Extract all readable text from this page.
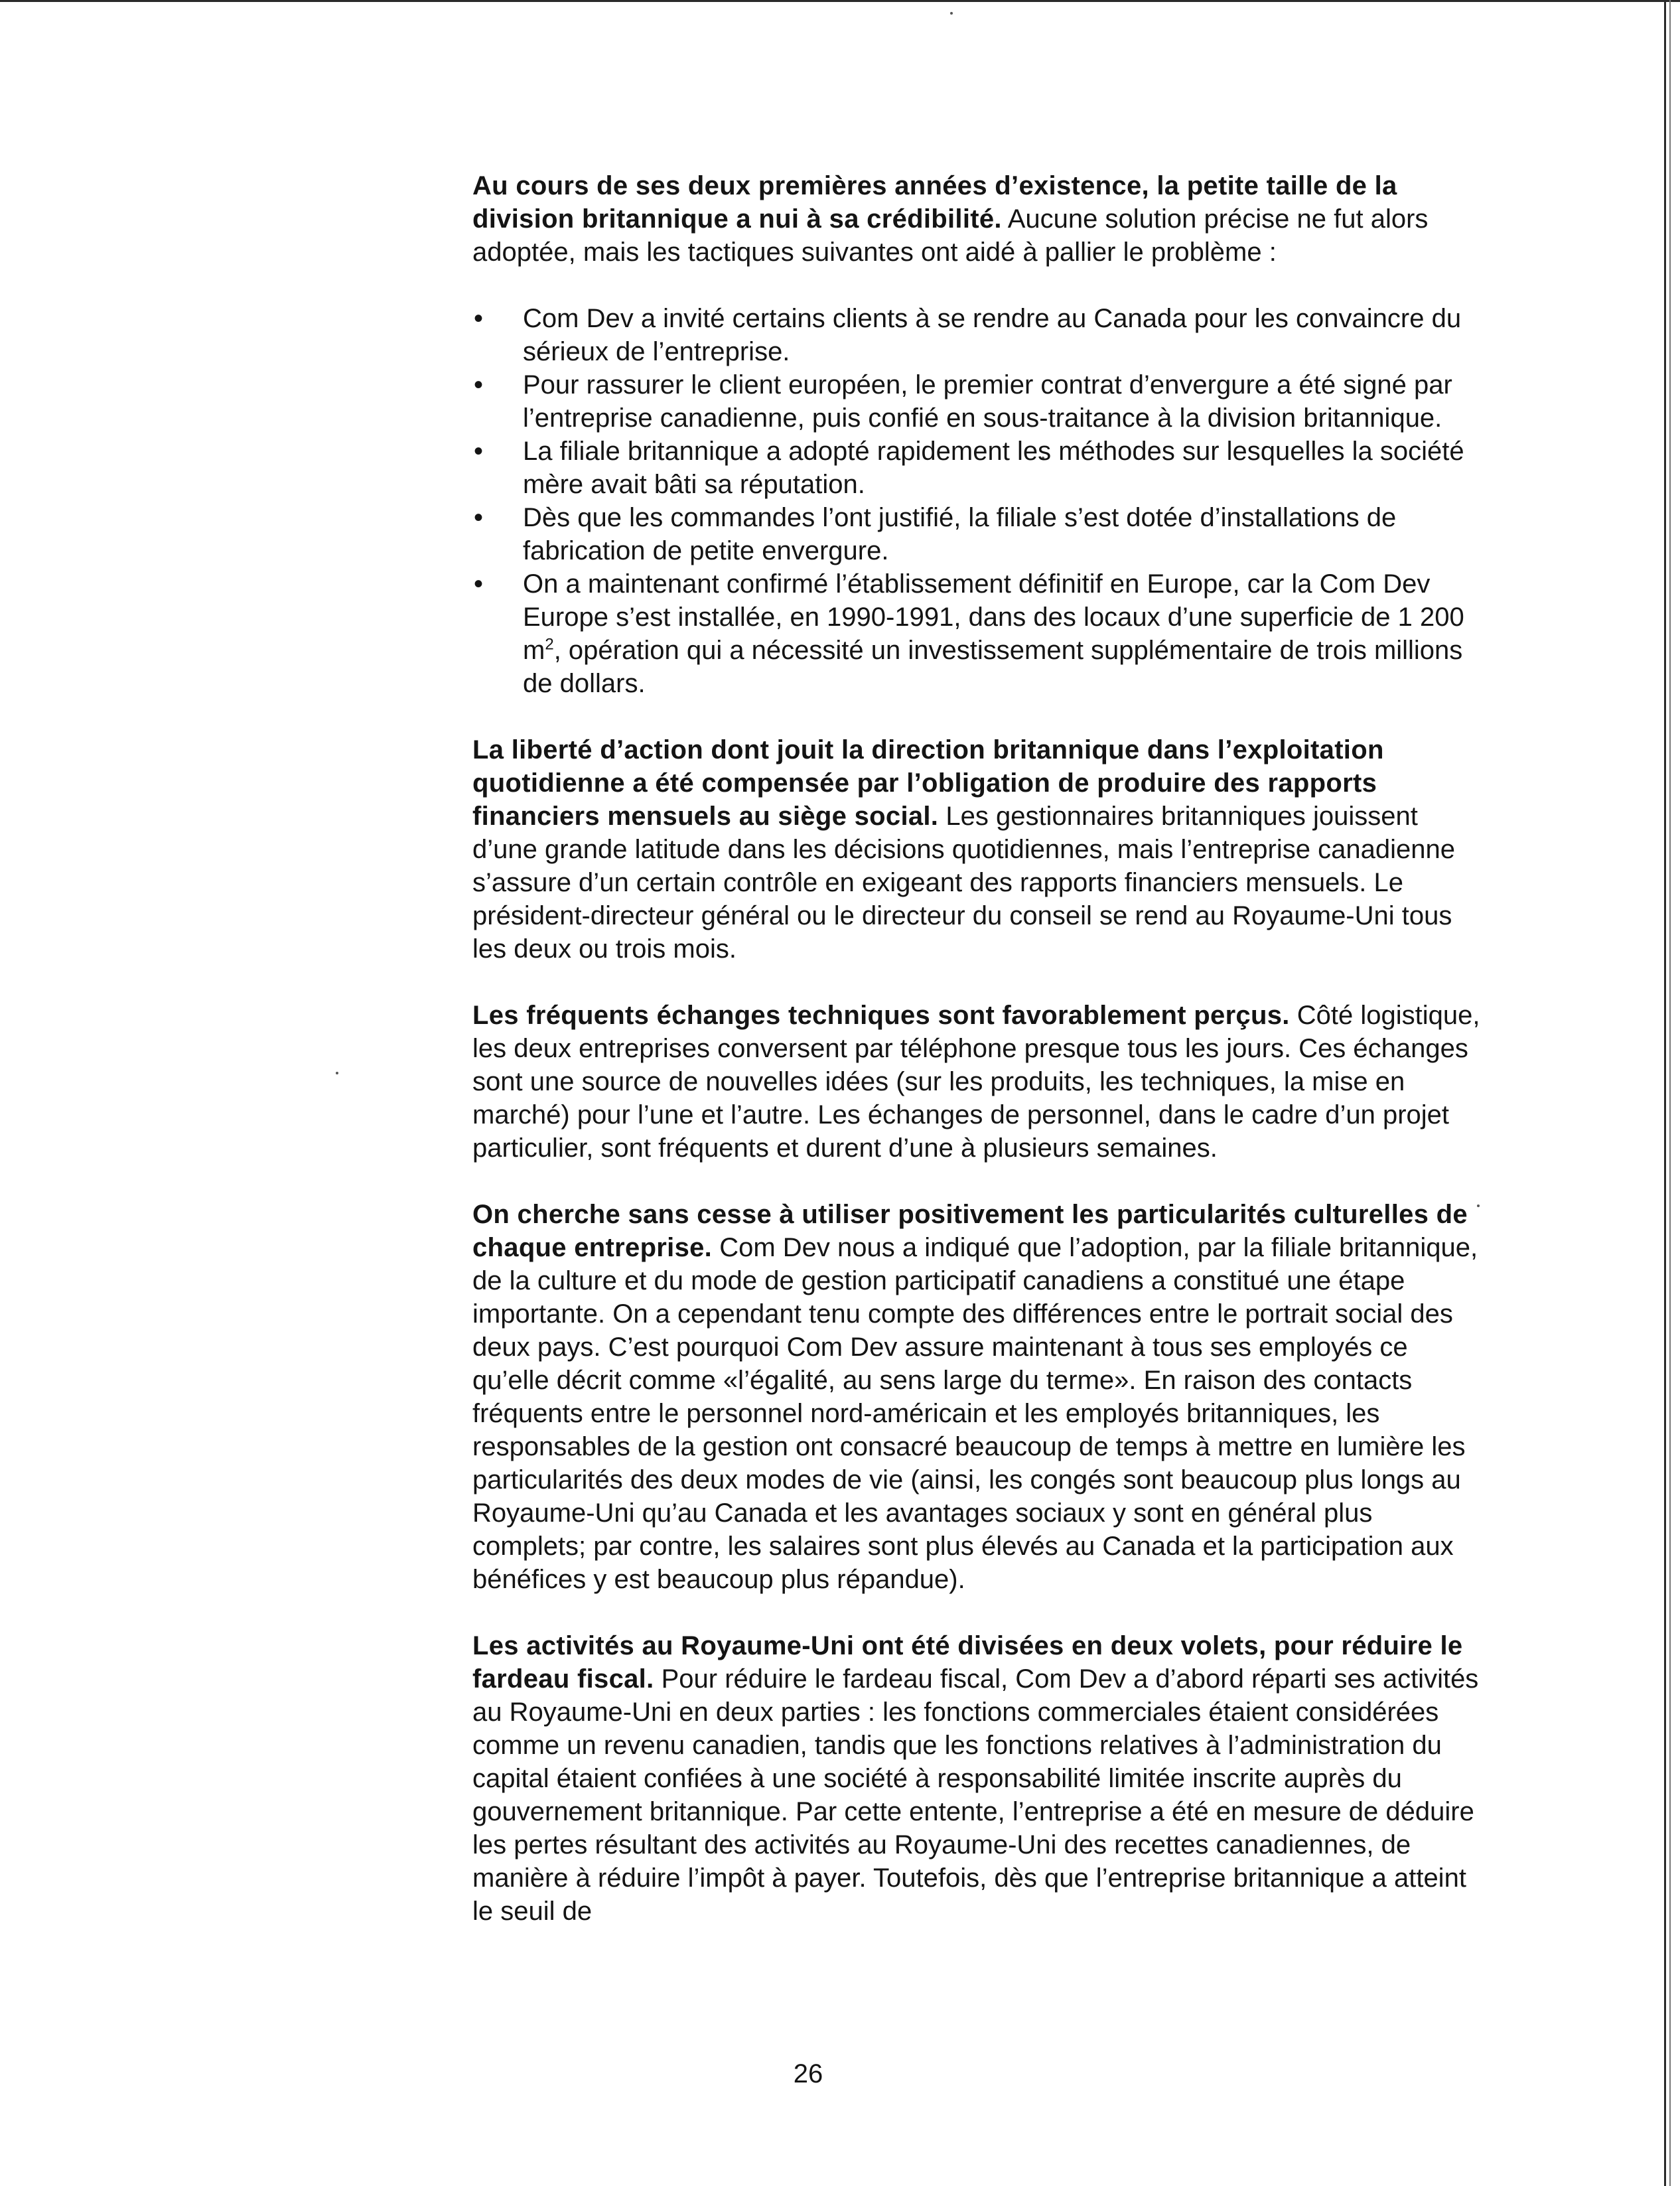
Au cours de ses deux premières années d’existence, la petite taille de la division britannique a nui à sa crédibilité. Aucune solution précise ne fut alors adoptée, mais les tactiques suivantes ont aidé à pallier le problème :

• Com Dev a invité certains clients à se rendre au Canada pour les convaincre du sérieux de l’entreprise.
• Pour rassurer le client européen, le premier contrat d’envergure a été signé par l’entreprise canadienne, puis confié en sous-traitance à la division britannique.
• La filiale britannique a adopté rapidement les méthodes sur lesquelles la société mère avait bâti sa réputation.
• Dès que les commandes l’ont justifié, la filiale s’est dotée d’installations de fabrication de petite envergure.
• On a maintenant confirmé l’établissement définitif en Europe, car la Com Dev Europe s’est installée, en 1990-1991, dans des locaux d’une superficie de 1 200 $m^2$, opération qui a nécessité un investissement supplémentaire de trois millions de dollars.

La liberté d’action dont jouit la direction britannique dans l’exploitation quotidienne a été compensée par l’obligation de produire des rapports financiers mensuels au siège social. Les gestionnaires britanniques jouissent d’une grande latitude dans les décisions quotidiennes, mais l’entreprise canadienne s’assure d’un certain contrôle en exigeant des rapports financiers mensuels. Le président-directeur général ou le directeur du conseil se rend au Royaume-Uni tous les deux ou trois mois.

Les fréquents échanges techniques sont favorablement perçus. Côté logistique, les deux entreprises conversent par téléphone presque tous les jours. Ces échanges sont une source de nouvelles idées (sur les produits, les techniques, la mise en marché) pour l’une et l’autre. Les échanges de personnel, dans le cadre d’un projet particulier, sont fréquents et durent d’une à plusieurs semaines.

On cherche sans cesse à utiliser positivement les particularités culturelles de chaque entreprise. Com Dev nous a indiqué que l’adoption, par la filiale britannique, de la culture et du mode de gestion participatif canadiens a constitué une étape importante. On a cependant tenu compte des différences entre le portrait social des deux pays. C’est pourquoi Com Dev assure maintenant à tous ses employés ce qu’elle décrit comme «l’égalité, au sens large du terme». En raison des contacts fréquents entre le personnel nord-américain et les employés britanniques, les responsables de la gestion ont consacré beaucoup de temps à mettre en lumière les particularités des deux modes de vie (ainsi, les congés sont beaucoup plus longs au Royaume-Uni qu’au Canada et les avantages sociaux y sont en général plus complets; par contre, les salaires sont plus élevés au Canada et la participation aux bénéfices y est beaucoup plus répandue).

Les activités au Royaume-Uni ont été divisées en deux volets, pour réduire le fardeau fiscal. Pour réduire le fardeau fiscal, Com Dev a d’abord réparti ses activités au Royaume-Uni en deux parties : les fonctions commerciales étaient considérées comme un revenu canadien, tandis que les fonctions relatives à l’administration du capital étaient confiées à une société à responsabilité limitée inscrite auprès du gouvernement britannique. Par cette entente, l’entreprise a été en mesure de déduire les pertes résultant des activités au Royaume-Uni des recettes canadiennes, de manière à réduire l’impôt à payer. Toutefois, dès que l’entreprise britannique a atteint le seuil de

26
